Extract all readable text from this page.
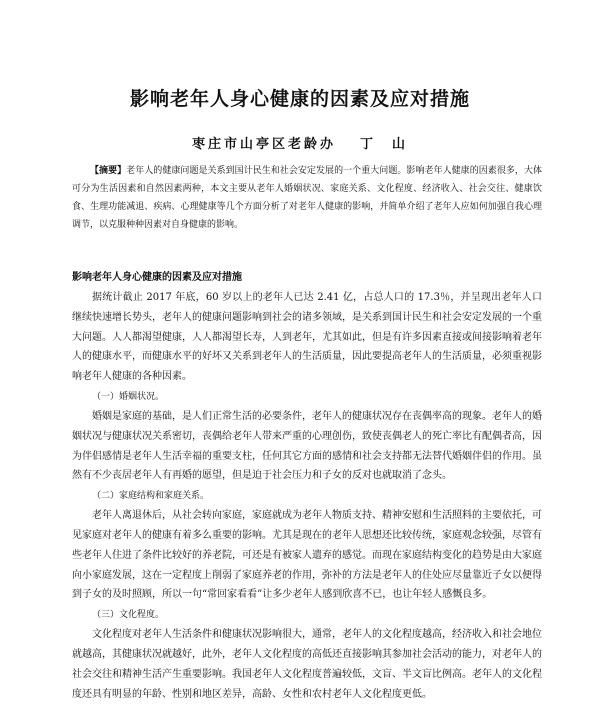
影响老年人身心健康的因素及应对措施
枣庄市山亭区老龄办 丁　山

【摘要】老年人的健康问题是关系到国计民生和社会安定发展的一个重大问题。影响老年人健康的因素很多，大体可分为生活因素和自然因素两种，本文主要从老年人婚姻状况、家庭关系、文化程度、经济收入、社会交往、健康饮食、生理功能减退、疾病、心理健康等几个方面分析了对老年人健康的影响，并简单介绍了老年人应如何加强自我心理调节，以克服种种因素对自身健康的影响。

影响老年人身心健康的因素及应对措施

据统计截止 2017 年底，60 岁以上的老年人已达 2.41 亿，占总人口的 17.3％，并呈现出老年人口继续快速增长势头，老年人的健康问题影响到社会的诸多领域，是关系到国计民生和社会安定发展的一个重大问题。人人都渴望健康，人人都渴望长寿，人到老年，尤其如此，但是有许多因素直接或间接影响着老年人的健康水平，而健康水平的好坏又关系到老年人的生活质量，因此要提高老年人的生活质量，必须重视影响老年人健康的各种因素。

（一）婚姻状况。

婚姻是家庭的基础，是人们正常生活的必要条件，老年人的健康状况存在丧偶率高的现象。老年人的婚姻状况与健康状况关系密切，丧偶给老年人带来严重的心理创伤，致使丧偶老人的死亡率比有配偶者高，因为伴侣感情是老年人生活幸福的重要支柱，任何其它方面的感情和社会支持都无法替代婚姻伴侣的作用。虽然有不少丧居老年人有再婚的愿望，但是迫于社会压力和子女的反对也就取消了念头。

（二）家庭结构和家庭关系。

老年人离退休后，从社会转向家庭，家庭就成为老年人物质支持、精神安慰和生活照料的主要依托，可见家庭对老年人的健康有着多么重要的影响。尤其是现在的老年人思想还比较传统，家庭观念较强，尽管有些老年人住进了条件比较好的养老院，可还是有被家人遗弃的感觉。而现在家庭结构变化的趋势是由大家庭向小家庭发展，这在一定程度上削弱了家庭养老的作用，弥补的方法是老年人的住处应尽量靠近子女以便得到子女的及时照顾，所以一句“常回家看看”让多少老年人感到欣喜不已，也让年轻人感慨良多。

（三）文化程度。

文化程度对老年人生活条件和健康状况影响很大，通常，老年人的文化程度越高，经济收入和社会地位就越高，其健康状况就越好，此外，老年人文化程度的高低还直接影响其参加社会活动的能力，对老年人的社会交往和精神生活产生重要影响。我国老年人文化程度普遍较低，文盲、半文盲比例高。老年人的文化程度还具有明显的年龄、性别和地区差异，高龄、女性和农村老年人文化程度更低。
